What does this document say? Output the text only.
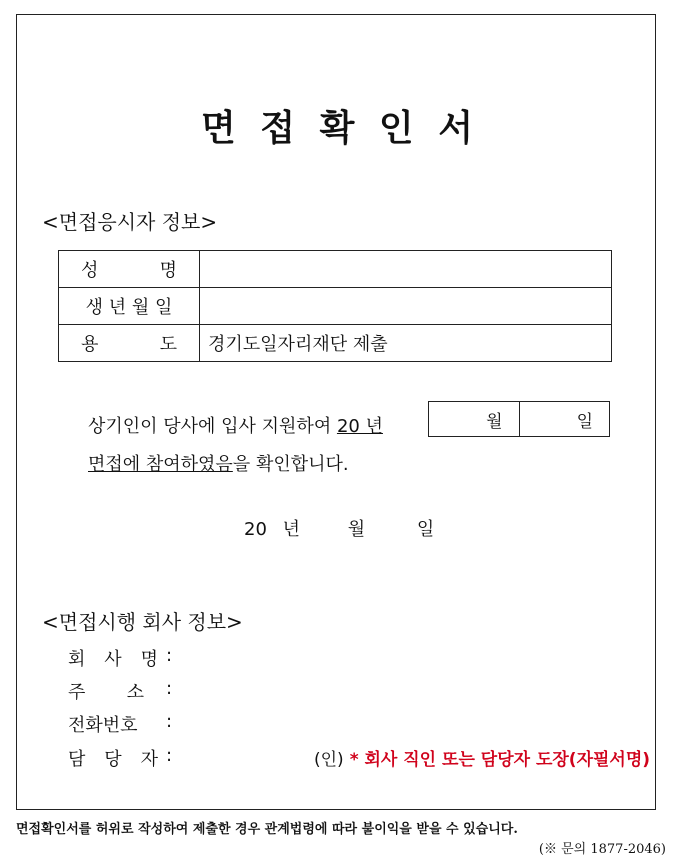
면 접 확 인 서
<면접응시자 정보>
성 명	

생 년 월 일	

용 도	경기도일자리재단 제출
상기인이 당사에 입사 지원하여 20 년	월	일
면접에 참여하였음을 확인합니다.
20 년	월	일
<면접시행 회사 정보>
회 사 명 :
주 소 :
전화번호 :
담 당 자 :	(인) * 회사 직인 또는 담당자 도장(자필서명)
면접확인서를 허위로 작성하여 제출한 경우 관계법령에 따라 불이익을 받을 수 있습니다.
(※ 문의 1877-2046)
